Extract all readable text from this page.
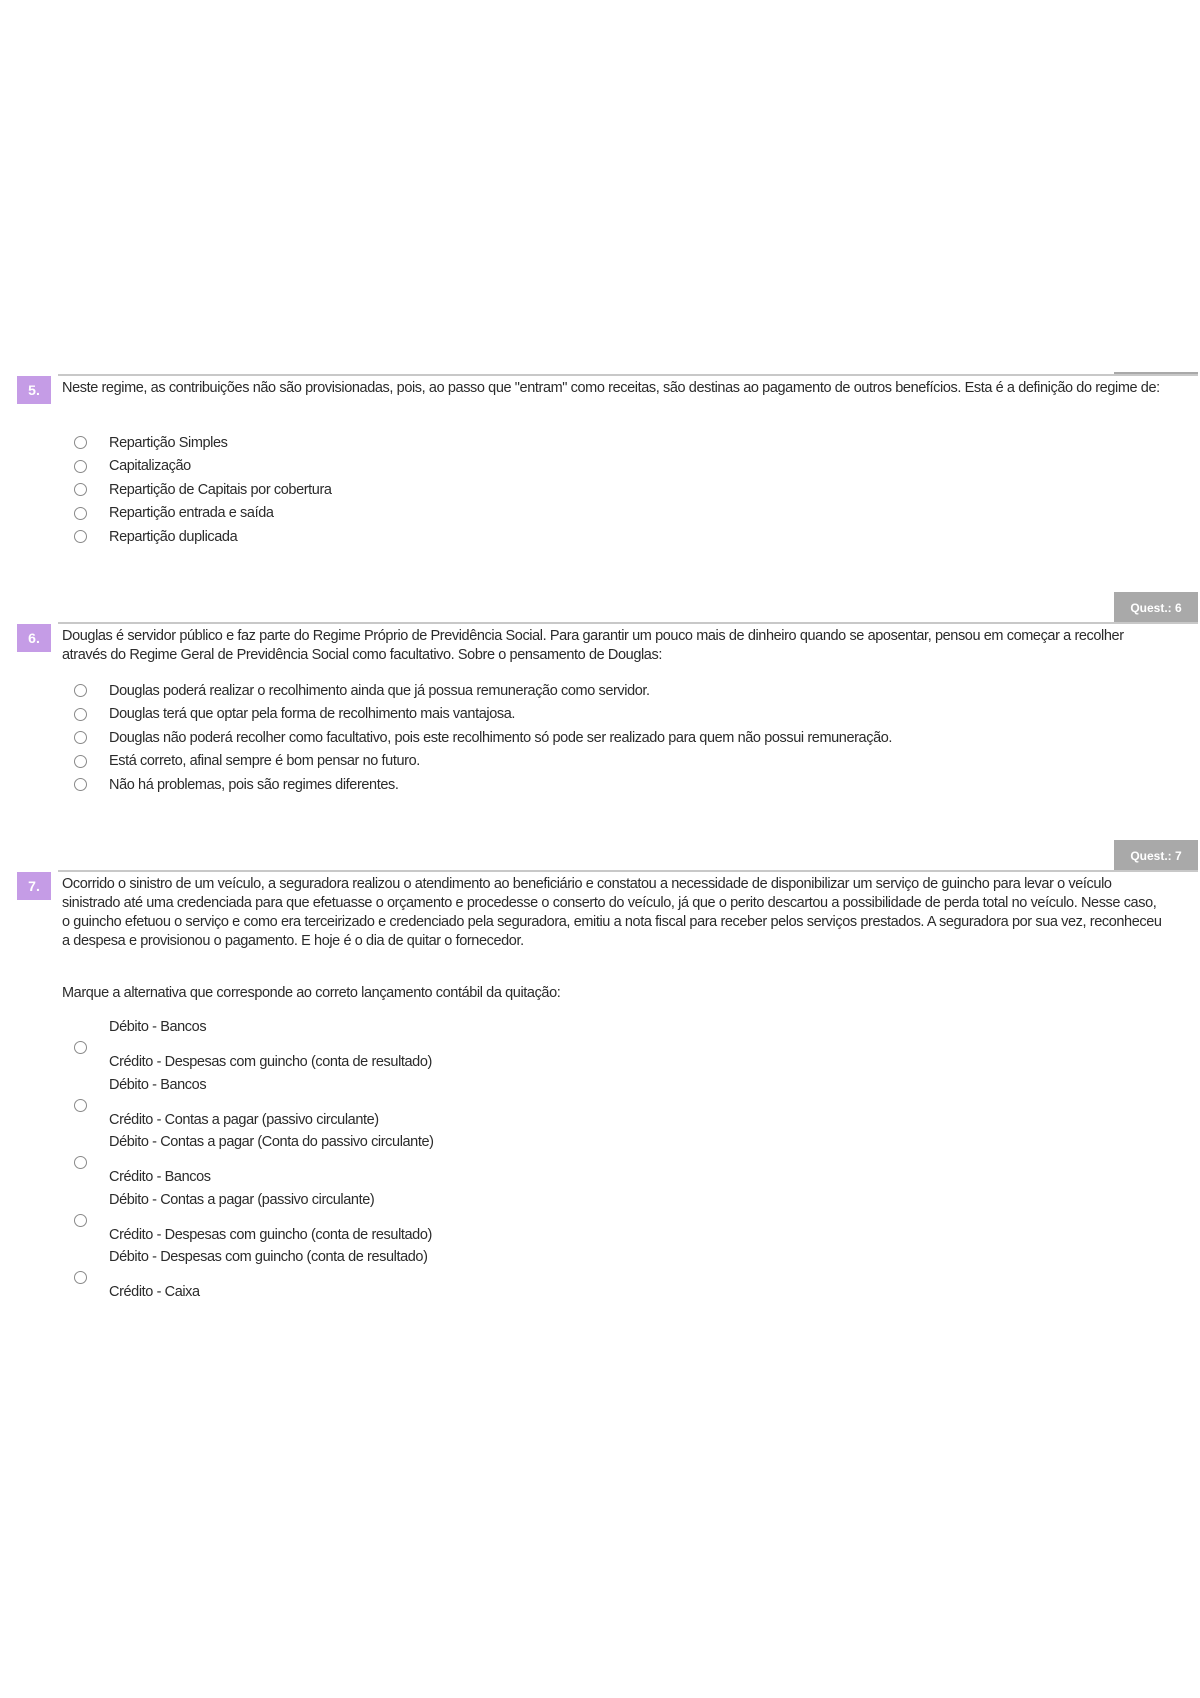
5.	Neste regime, as contribuições não são provisionadas, pois, ao passo que "entram" como receitas, são destinas ao pagamento de outros benefícios. Esta é a definição do regime de:
Repartição Simples
Capitalização
Repartição de Capitais por cobertura
Repartição entrada e saída
Repartição duplicada
Quest.: 6
6.	Douglas é servidor público e faz parte do Regime Próprio de Previdência Social. Para garantir um pouco mais de dinheiro quando se aposentar, pensou em começar a recolher através do Regime Geral de Previdência Social como facultativo. Sobre o pensamento de Douglas:
Douglas poderá realizar o recolhimento ainda que já possua remuneração como servidor.
Douglas terá que optar pela forma de recolhimento mais vantajosa.
Douglas não poderá recolher como facultativo, pois este recolhimento só pode ser realizado para quem não possui remuneração.
Está correto, afinal sempre é bom pensar no futuro.
Não há problemas, pois são regimes diferentes.
Quest.: 7
7.	Ocorrido o sinistro de um veículo, a seguradora realizou o atendimento ao beneficiário e constatou a necessidade de disponibilizar um serviço de guincho para levar o veículo sinistrado até uma credenciada para que efetuasse o orçamento e procedesse o conserto do veículo, já que o perito descartou a possibilidade de perda total no veículo. Nesse caso, o guincho efetuou o serviço e como era terceirizado e credenciado pela seguradora, emitiu a nota fiscal para receber pelos serviços prestados. A seguradora por sua vez, reconheceu a despesa e provisionou o pagamento. E hoje é o dia de quitar o fornecedor.
Marque a alternativa que corresponde ao correto lançamento contábil da quitação:
Débito - Bancos
Crédito - Despesas com guincho (conta de resultado)
Débito - Bancos
Crédito - Contas a pagar (passivo circulante)
Débito - Contas a pagar (Conta do passivo circulante)
Crédito - Bancos
Débito - Contas a pagar (passivo circulante)
Crédito - Despesas com guincho (conta de resultado)
Débito - Despesas com guincho (conta de resultado)
Crédito - Caixa
